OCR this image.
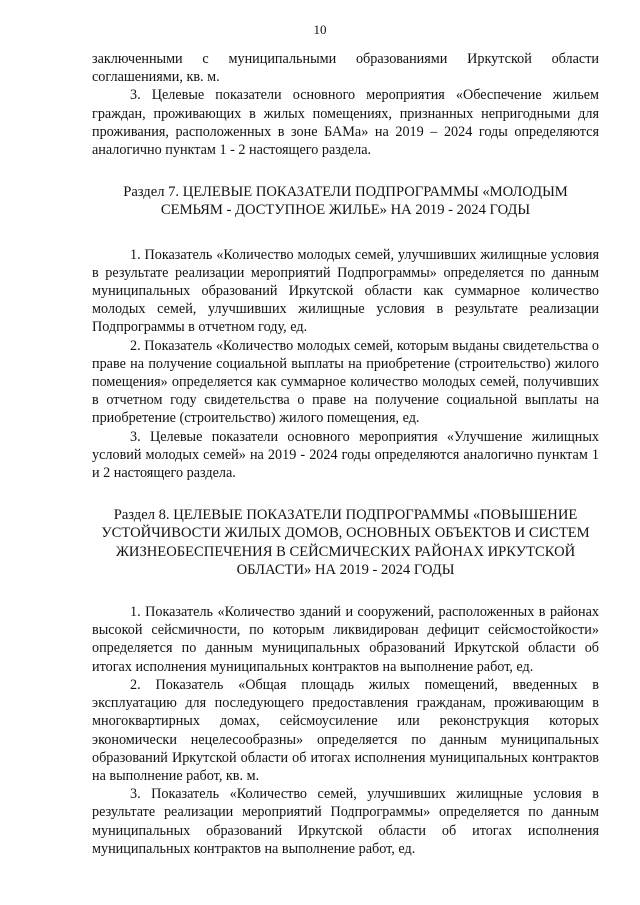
10

заключенными с муниципальными образованиями Иркутской области соглашениями, кв. м.

3. Целевые показатели основного мероприятия «Обеспечение жильем граждан, проживающих в жилых помещениях, признанных непригодными для проживания, расположенных в зоне БАМа» на 2019 – 2024 годы определяются аналогично пунктам 1 - 2 настоящего раздела.

Раздел 7. ЦЕЛЕВЫЕ ПОКАЗАТЕЛИ ПОДПРОГРАММЫ «МОЛОДЫМ СЕМЬЯМ - ДОСТУПНОЕ ЖИЛЬЕ» НА 2019 - 2024 ГОДЫ

1. Показатель «Количество молодых семей, улучшивших жилищные условия в результате реализации мероприятий Подпрограммы» определяется по данным муниципальных образований Иркутской области как суммарное количество молодых семей, улучшивших жилищные условия в результате реализации Подпрограммы в отчетном году, ед.

2. Показатель «Количество молодых семей, которым выданы свидетельства о праве на получение социальной выплаты на приобретение (строительство) жилого помещения» определяется как суммарное количество молодых семей, получивших в отчетном году свидетельства о праве на получение социальной выплаты на приобретение (строительство) жилого помещения, ед.

3. Целевые показатели основного мероприятия «Улучшение жилищных условий молодых семей» на 2019 - 2024 годы определяются аналогично пунктам 1 и 2 настоящего раздела.

Раздел 8. ЦЕЛЕВЫЕ ПОКАЗАТЕЛИ ПОДПРОГРАММЫ «ПОВЫШЕНИЕ УСТОЙЧИВОСТИ ЖИЛЫХ ДОМОВ, ОСНОВНЫХ ОБЪЕКТОВ И СИСТЕМ ЖИЗНЕОБЕСПЕЧЕНИЯ В СЕЙСМИЧЕСКИХ РАЙОНАХ ИРКУТСКОЙ ОБЛАСТИ» НА 2019 - 2024 ГОДЫ

1. Показатель «Количество зданий и сооружений, расположенных в районах высокой сейсмичности, по которым ликвидирован дефицит сейсмостойкости» определяется по данным муниципальных образований Иркутской области об итогах исполнения муниципальных контрактов на выполнение работ, ед.

2. Показатель «Общая площадь жилых помещений, введенных в эксплуатацию для последующего предоставления гражданам, проживающим в многоквартирных домах, сейсмоусиление или реконструкция которых экономически нецелесообразны» определяется по данным муниципальных образований Иркутской области об итогах исполнения муниципальных контрактов на выполнение работ, кв. м.

3. Показатель «Количество семей, улучшивших жилищные условия в результате реализации мероприятий Подпрограммы» определяется по данным муниципальных образований Иркутской области об итогах исполнения муниципальных контрактов на выполнение работ, ед.
